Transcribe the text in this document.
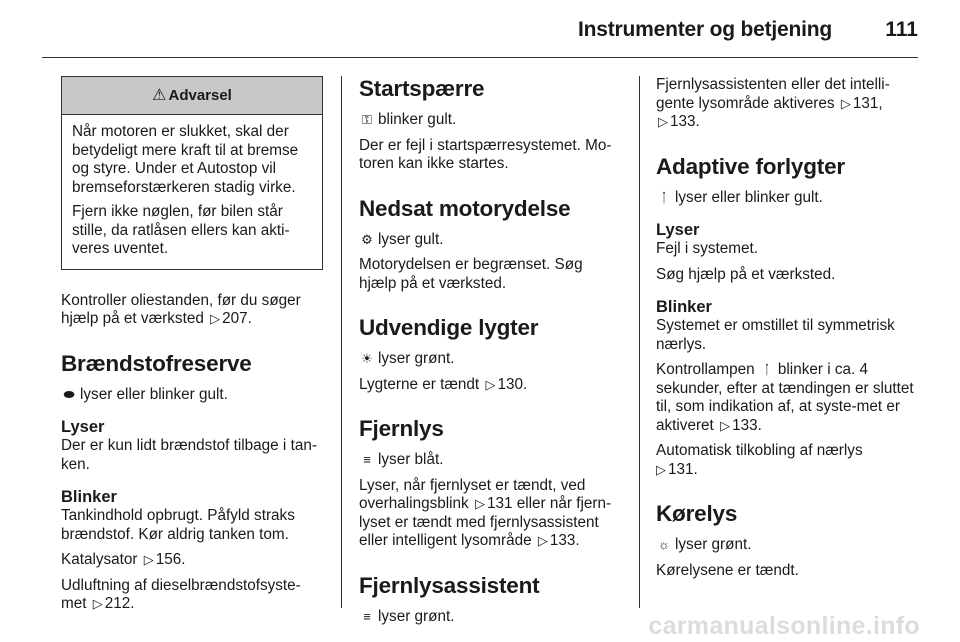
Instrumenter og betjening	111
⚠ Advarsel

Når motoren er slukket, skal der betydeligt mere kraft til at bremse og styre. Under et Autostop vil bremseforstærkeren stadig virke.

Fjern ikke nøglen, før bilen står stille, da ratlåsen ellers kan akti-veres uventet.

Kontroller oliestanden, før du søger hjælp på et værksted ▷ 207.

Brændstofreserve

⬬ lyser eller blinker gult.

Lyser

Der er kun lidt brændstof tilbage i tan-ken.

Blinker

Tankindhold opbrugt. Påfyld straks brændstof. Kør aldrig tanken tom.

Katalysator ▷ 156.

Udluftning af dieselbrændstofsyste-met ▷ 212.

Startspærre

⚿ blinker gult.

Der er fejl i startspærresystemet. Mo-toren kan ikke startes.

Nedsat motorydelse

⚙ lyser gult.

Motorydelsen er begrænset. Søg hjælp på et værksted.

Udvendige lygter

☀ lyser grønt.

Lygterne er tændt ▷ 130.

Fjernlys

≡ lyser blåt.

Lyser, når fjernlyset er tændt, ved overhalingsblink ▷ 131 eller når fjern-lyset er tændt med fjernlysassistent eller intelligent lysområde ▷ 133.

Fjernlysassistent

≡ lyser grønt.

Fjernlysassistenten eller det intelli-gente lysområde aktiveres ▷ 131, ▷ 133.

Adaptive forlygter

ᛙ lyser eller blinker gult.

Lyser

Fejl i systemet.

Søg hjælp på et værksted.

Blinker

Systemet er omstillet til symmetrisk nærlys.

Kontrollampen ᛙ blinker i ca. 4 sekunder, efter at tændingen er sluttet til, som indikation af, at syste-met er aktiveret ▷ 133.

Automatisk tilkobling af nærlys
▷ 131.

Kørelys

☼ lyser grønt.

Kørelysene er tændt.

carmanualsonline.info
